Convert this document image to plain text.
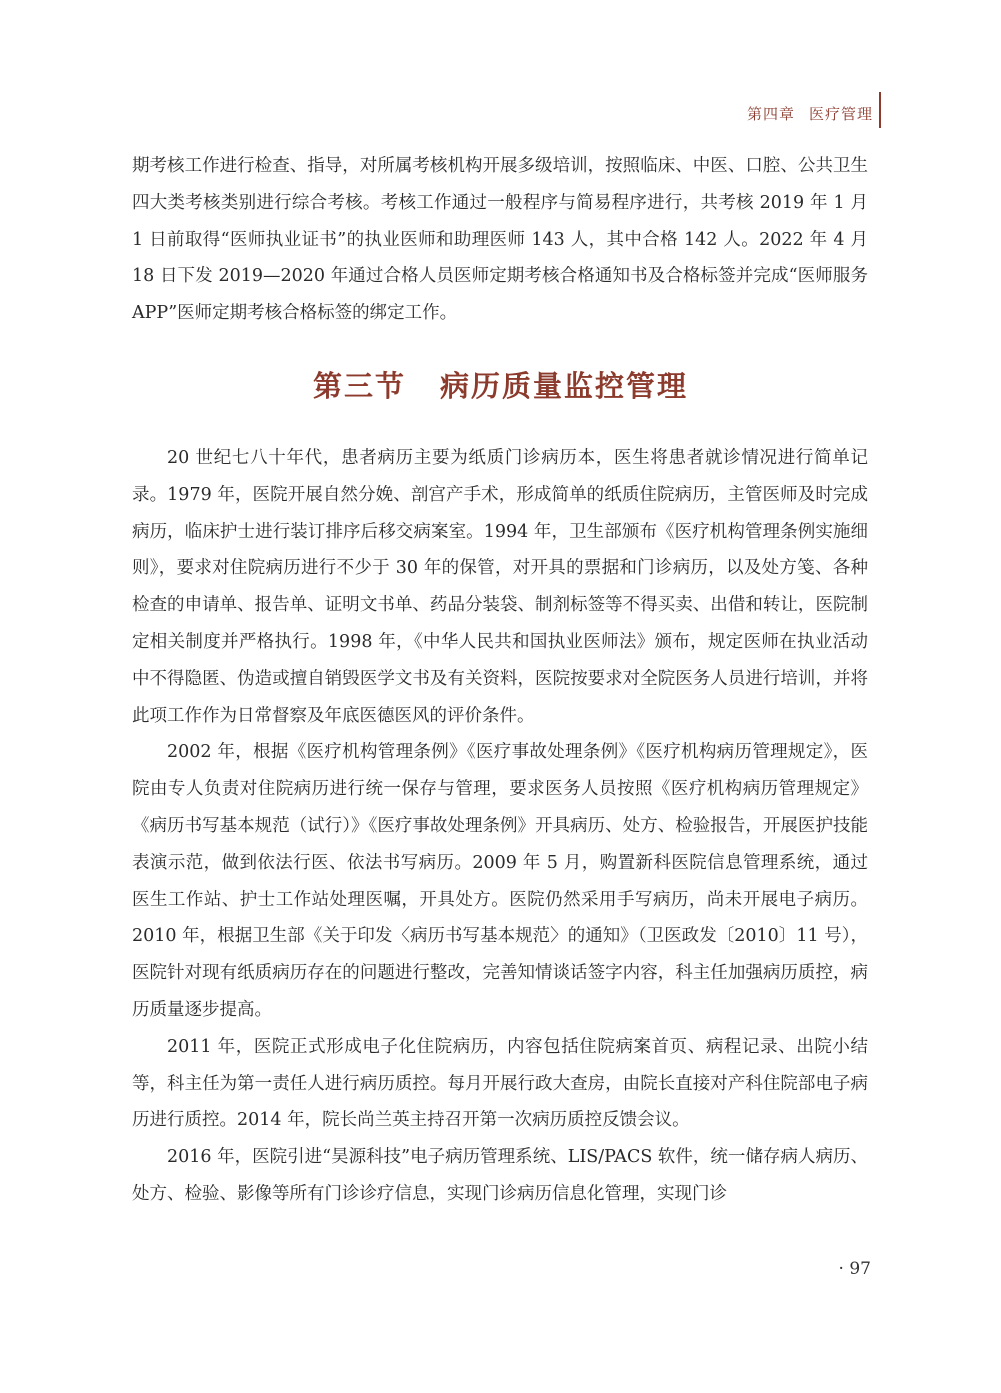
第四章 医疗管理

期考核工作进行检查、指导，对所属考核机构开展多级培训，按照临床、中医、口腔、公共卫生四大类考核类别进行综合考核。考核工作通过一般程序与简易程序进行，共考核 2019 年 1 月 1 日前取得“医师执业证书”的执业医师和助理医师 143 人，其中合格 142 人。2022 年 4 月 18 日下发 2019—2020 年通过合格人员医师定期考核合格通知书及合格标签并完成“医师服务 APP”医师定期考核合格标签的绑定工作。

第三节 病历质量监控管理

20 世纪七八十年代，患者病历主要为纸质门诊病历本，医生将患者就诊情况进行简单记录。1979 年，医院开展自然分娩、剖宫产手术，形成简单的纸质住院病历，主管医师及时完成病历，临床护士进行装订排序后移交病案室。1994 年，卫生部颁布《医疗机构管理条例实施细则》，要求对住院病历进行不少于 30 年的保管，对开具的票据和门诊病历，以及处方笺、各种检查的申请单、报告单、证明文书单、药品分装袋、制剂标签等不得买卖、出借和转让，医院制定相关制度并严格执行。1998 年，《中华人民共和国执业医师法》颁布，规定医师在执业活动中不得隐匿、伪造或擅自销毁医学文书及有关资料，医院按要求对全院医务人员进行培训，并将此项工作作为日常督察及年底医德医风的评价条件。

2002 年，根据《医疗机构管理条例》《医疗事故处理条例》《医疗机构病历管理规定》，医院由专人负责对住院病历进行统一保存与管理，要求医务人员按照《医疗机构病历管理规定》《病历书写基本规范（试行）》《医疗事故处理条例》开具病历、处方、检验报告，开展医护技能表演示范，做到依法行医、依法书写病历。2009 年 5 月，购置新科医院信息管理系统，通过医生工作站、护士工作站处理医嘱，开具处方。医院仍然采用手写病历，尚未开展电子病历。2010 年，根据卫生部《关于印发〈病历书写基本规范〉的通知》（卫医政发〔2010〕11 号），医院针对现有纸质病历存在的问题进行整改，完善知情谈话签字内容，科主任加强病历质控，病历质量逐步提高。

2011 年，医院正式形成电子化住院病历，内容包括住院病案首页、病程记录、出院小结等，科主任为第一责任人进行病历质控。每月开展行政大查房，由院长直接对产科住院部电子病历进行质控。2014 年，院长尚兰英主持召开第一次病历质控反馈会议。

2016 年，医院引进“昊源科技”电子病历管理系统、LIS/PACS 软件，统一储存病人病历、处方、检验、影像等所有门诊诊疗信息，实现门诊病历信息化管理，实现门诊

· 97
